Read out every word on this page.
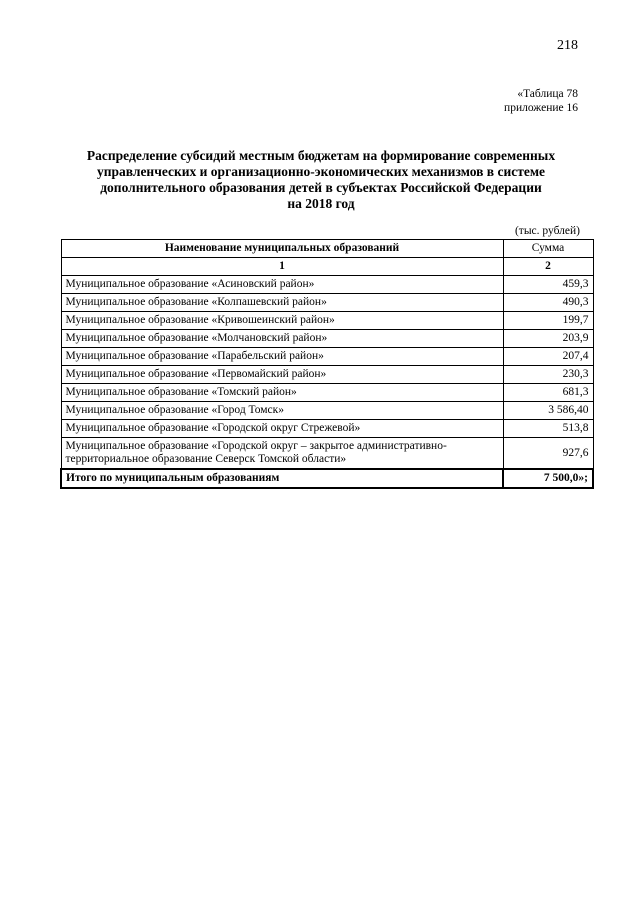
218
«Таблица 78
приложение 16
Распределение субсидий местным бюджетам на формирование современных
управленческих и организационно-экономических механизмов в системе
дополнительного образования детей в субъектах Российской Федерации
на 2018 год
(тыс. рублей)
Наименование муниципальных образований	Сумма
1	2
Муниципальное образование «Асиновский район»	459,3
Муниципальное образование «Колпашевский район»	490,3
Муниципальное образование «Кривошеинский район»	199,7
Муниципальное образование «Молчановский район»	203,9
Муниципальное образование «Парабельский район»	207,4
Муниципальное образование «Первомайский район»	230,3
Муниципальное образование «Томский район»	681,3
Муниципальное образование «Город Томск»	3 586,40
Муниципальное образование «Городской округ Стрежевой»	513,8
Муниципальное образование «Городской округ – закрытое административно-территориальное образование Северск Томской области»	927,6
Итого по муниципальным образованиям	7 500,0»;
